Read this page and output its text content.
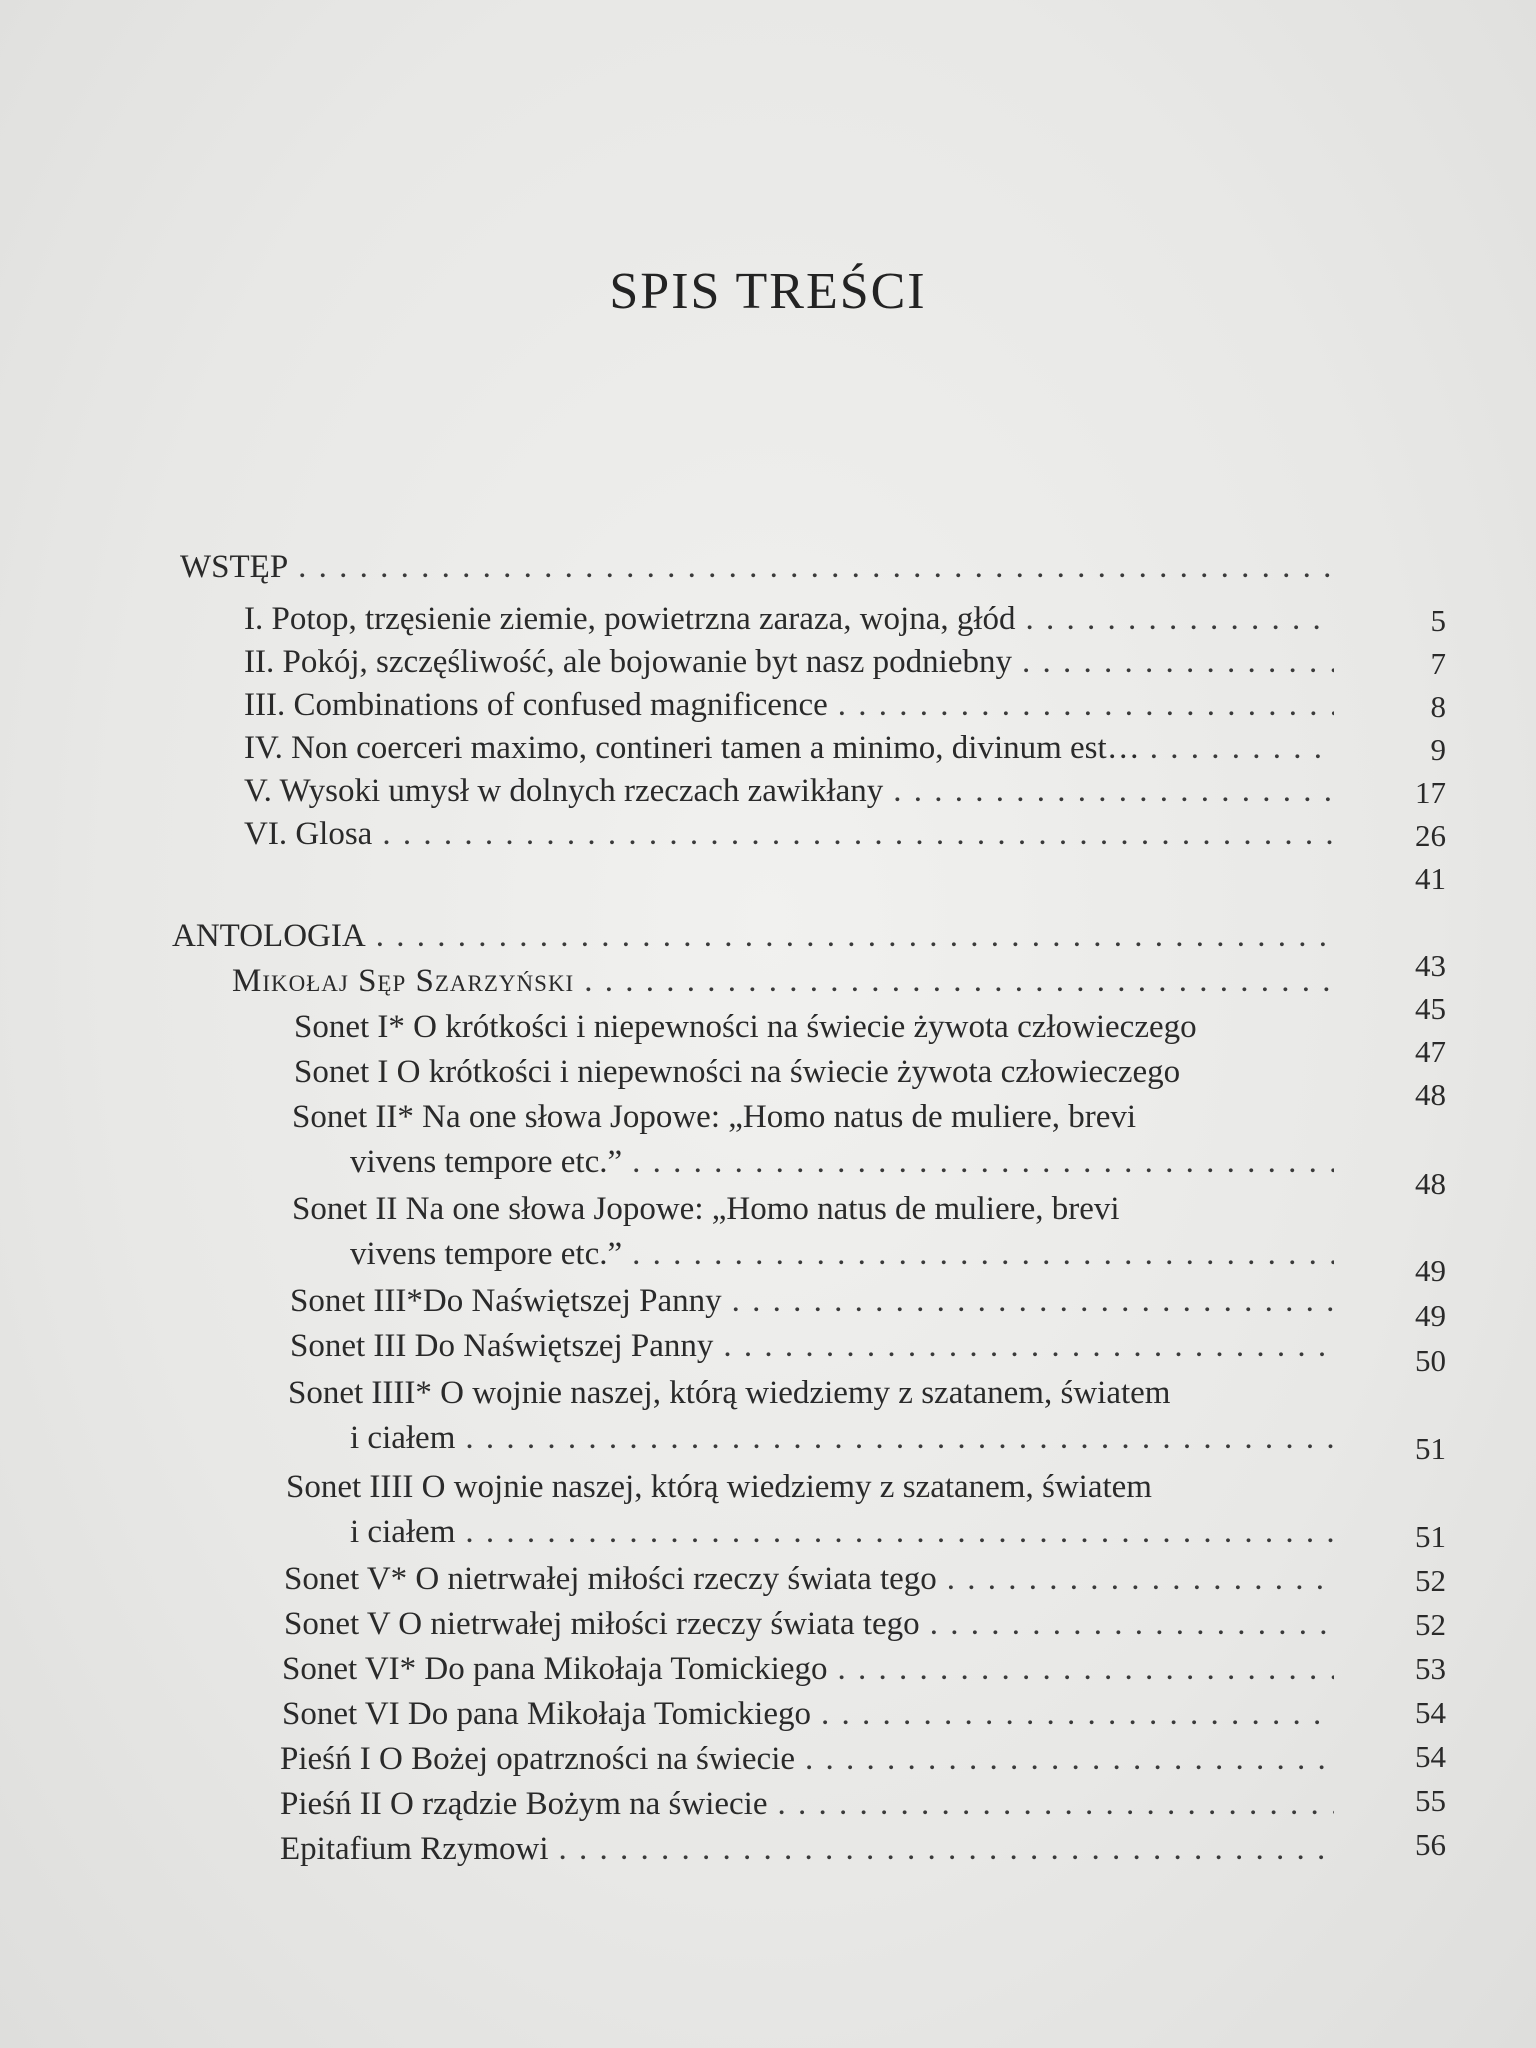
SPIS TREŚCI
WSTĘP
. . .
I. Potop, trzęsienie ziemie, powietrzna zaraza, wojna, głód
. . .
II. Pokój, szczęśliwość, ale bojowanie byt nasz podniebny
. . .
III. Combinations of confused magnificence
. . .
IV. Non coerceri maximo, contineri tamen a minimo, divinum est…
. . .
V. Wysoki umysł w dolnych rzeczach zawikłany
. . .
VI. Glosa
. . .
ANTOLOGIA
. . .
Mikołaj Sęp Szarzyński
. . .
Sonet I* O krótkości i niepewności na świecie żywota człowieczego
Sonet I O krótkości i niepewności na świecie żywota człowieczego
Sonet II* Na one słowa Jopowe: „Homo natus de muliere, brevi
vivens tempore etc.”
. . .
Sonet II Na one słowa Jopowe: „Homo natus de muliere, brevi
vivens tempore etc.”
. . .
Sonet III*Do Naświętszej Panny
. . .
Sonet III Do Naświętszej Panny
. . .
Sonet IIII* O wojnie naszej, którą wiedziemy z szatanem, światem
i ciałem
. . .
Sonet IIII O wojnie naszej, którą wiedziemy z szatanem, światem
i ciałem
. . .
Sonet V* O nietrwałej miłości rzeczy świata tego
. . .
Sonet V O nietrwałej miłości rzeczy świata tego
. . .
Sonet VI* Do pana Mikołaja Tomickiego
. . .
Sonet VI Do pana Mikołaja Tomickiego
. . .
Pieśń I O Bożej opatrzności na świecie
. . .
Pieśń II O rządzie Bożym na świecie
. . .
Epitafium Rzymowi
. . .
5
7
8
9
17
26
41
43
45
47
48
48
49
49
50
51
51
52
52
53
54
54
55
56
